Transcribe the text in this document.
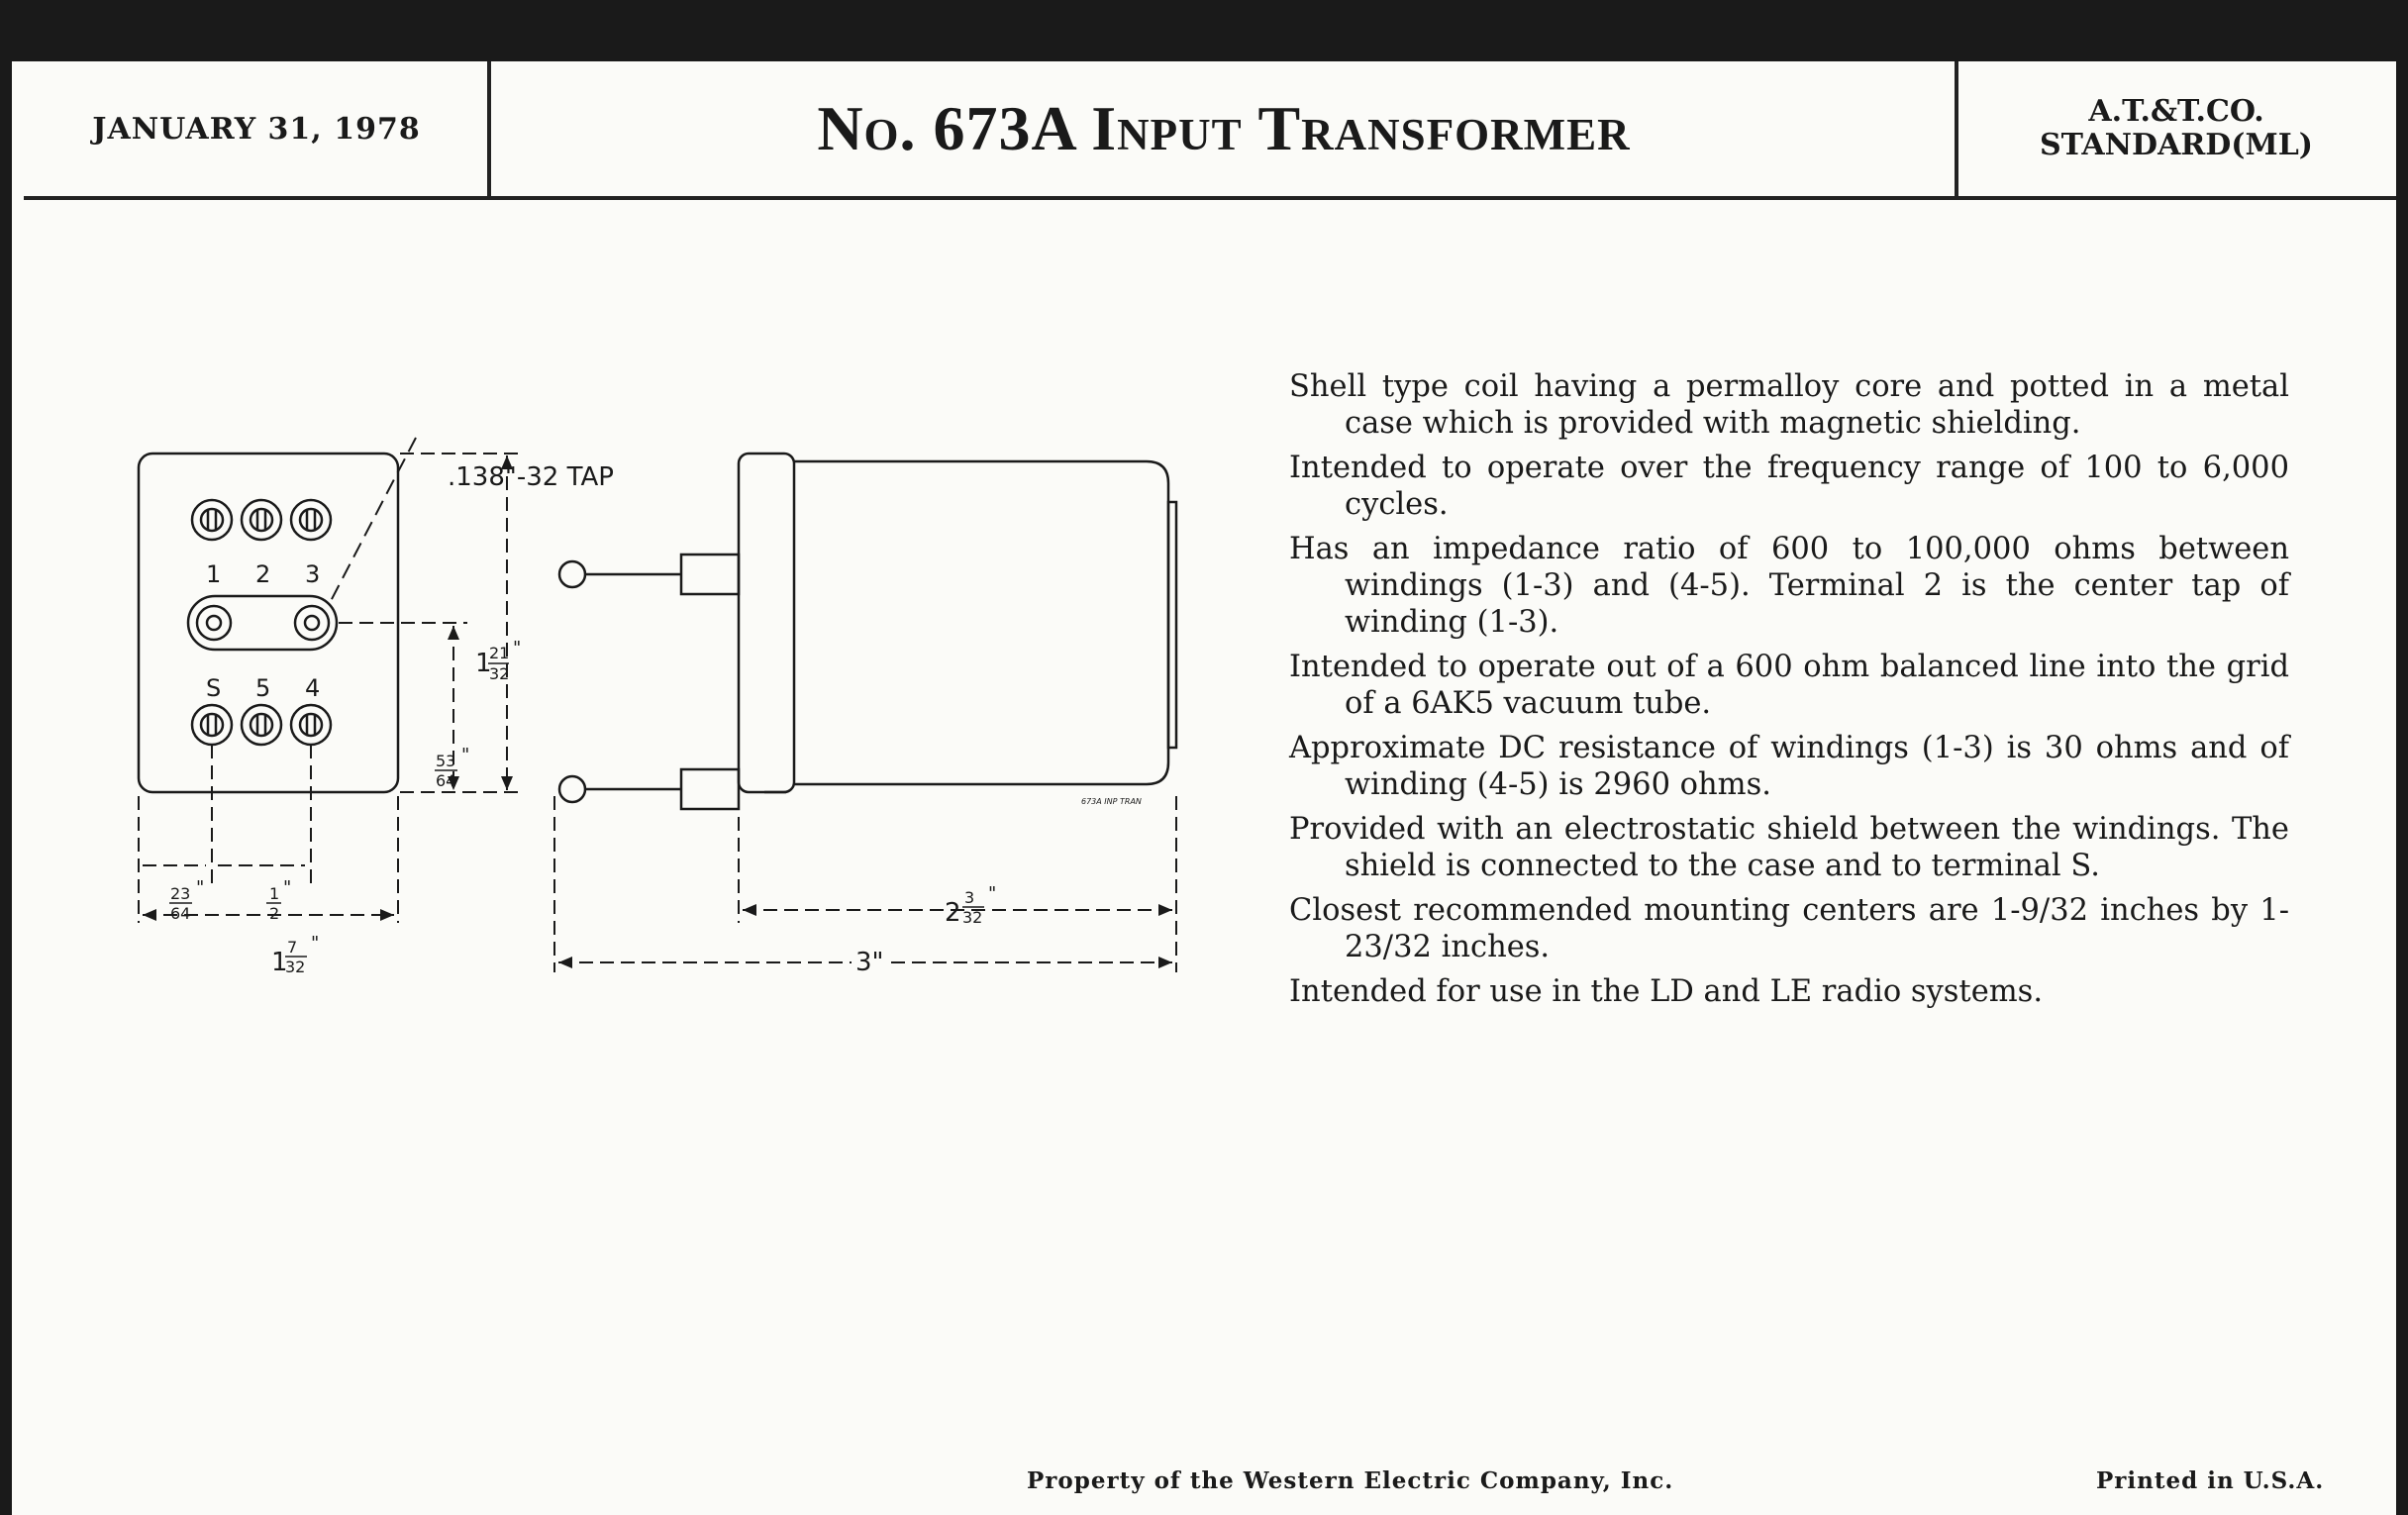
JANUARY 31, 1978	No. 673A Input Transformer	A.T.&T.CO.
STANDARD(ML)
.138"-32 TAP
1 2 3
S 5 4
1
21
32
"
53
64
"
23
64
"	1
2
"
1
7
32
"
2
3
32
"
3"
673A INP TRAN

Shell type coil having a permalloy core and potted in a metal case which is provided with magnetic shielding.

Intended to operate over the frequency range of 100 to 6,000 cycles.

Has an impedance ratio of 600 to 100,000 ohms between windings (1-3) and (4-5). Terminal 2 is the center tap of winding (1-3).

Intended to operate out of a 600 ohm balanced line into the grid of a 6AK5 vacuum tube.

Approximate DC resistance of windings (1-3) is 30 ohms and of winding (4-5) is 2960 ohms.

Provided with an electrostatic shield between the windings. The shield is connected to the case and to terminal S.

Closest recommended mounting centers are 1-9/32 inches by 1-23/32 inches.

Intended for use in the LD and LE radio systems.

Property of the Western Electric Company, Inc.	Printed in U.S.A.
